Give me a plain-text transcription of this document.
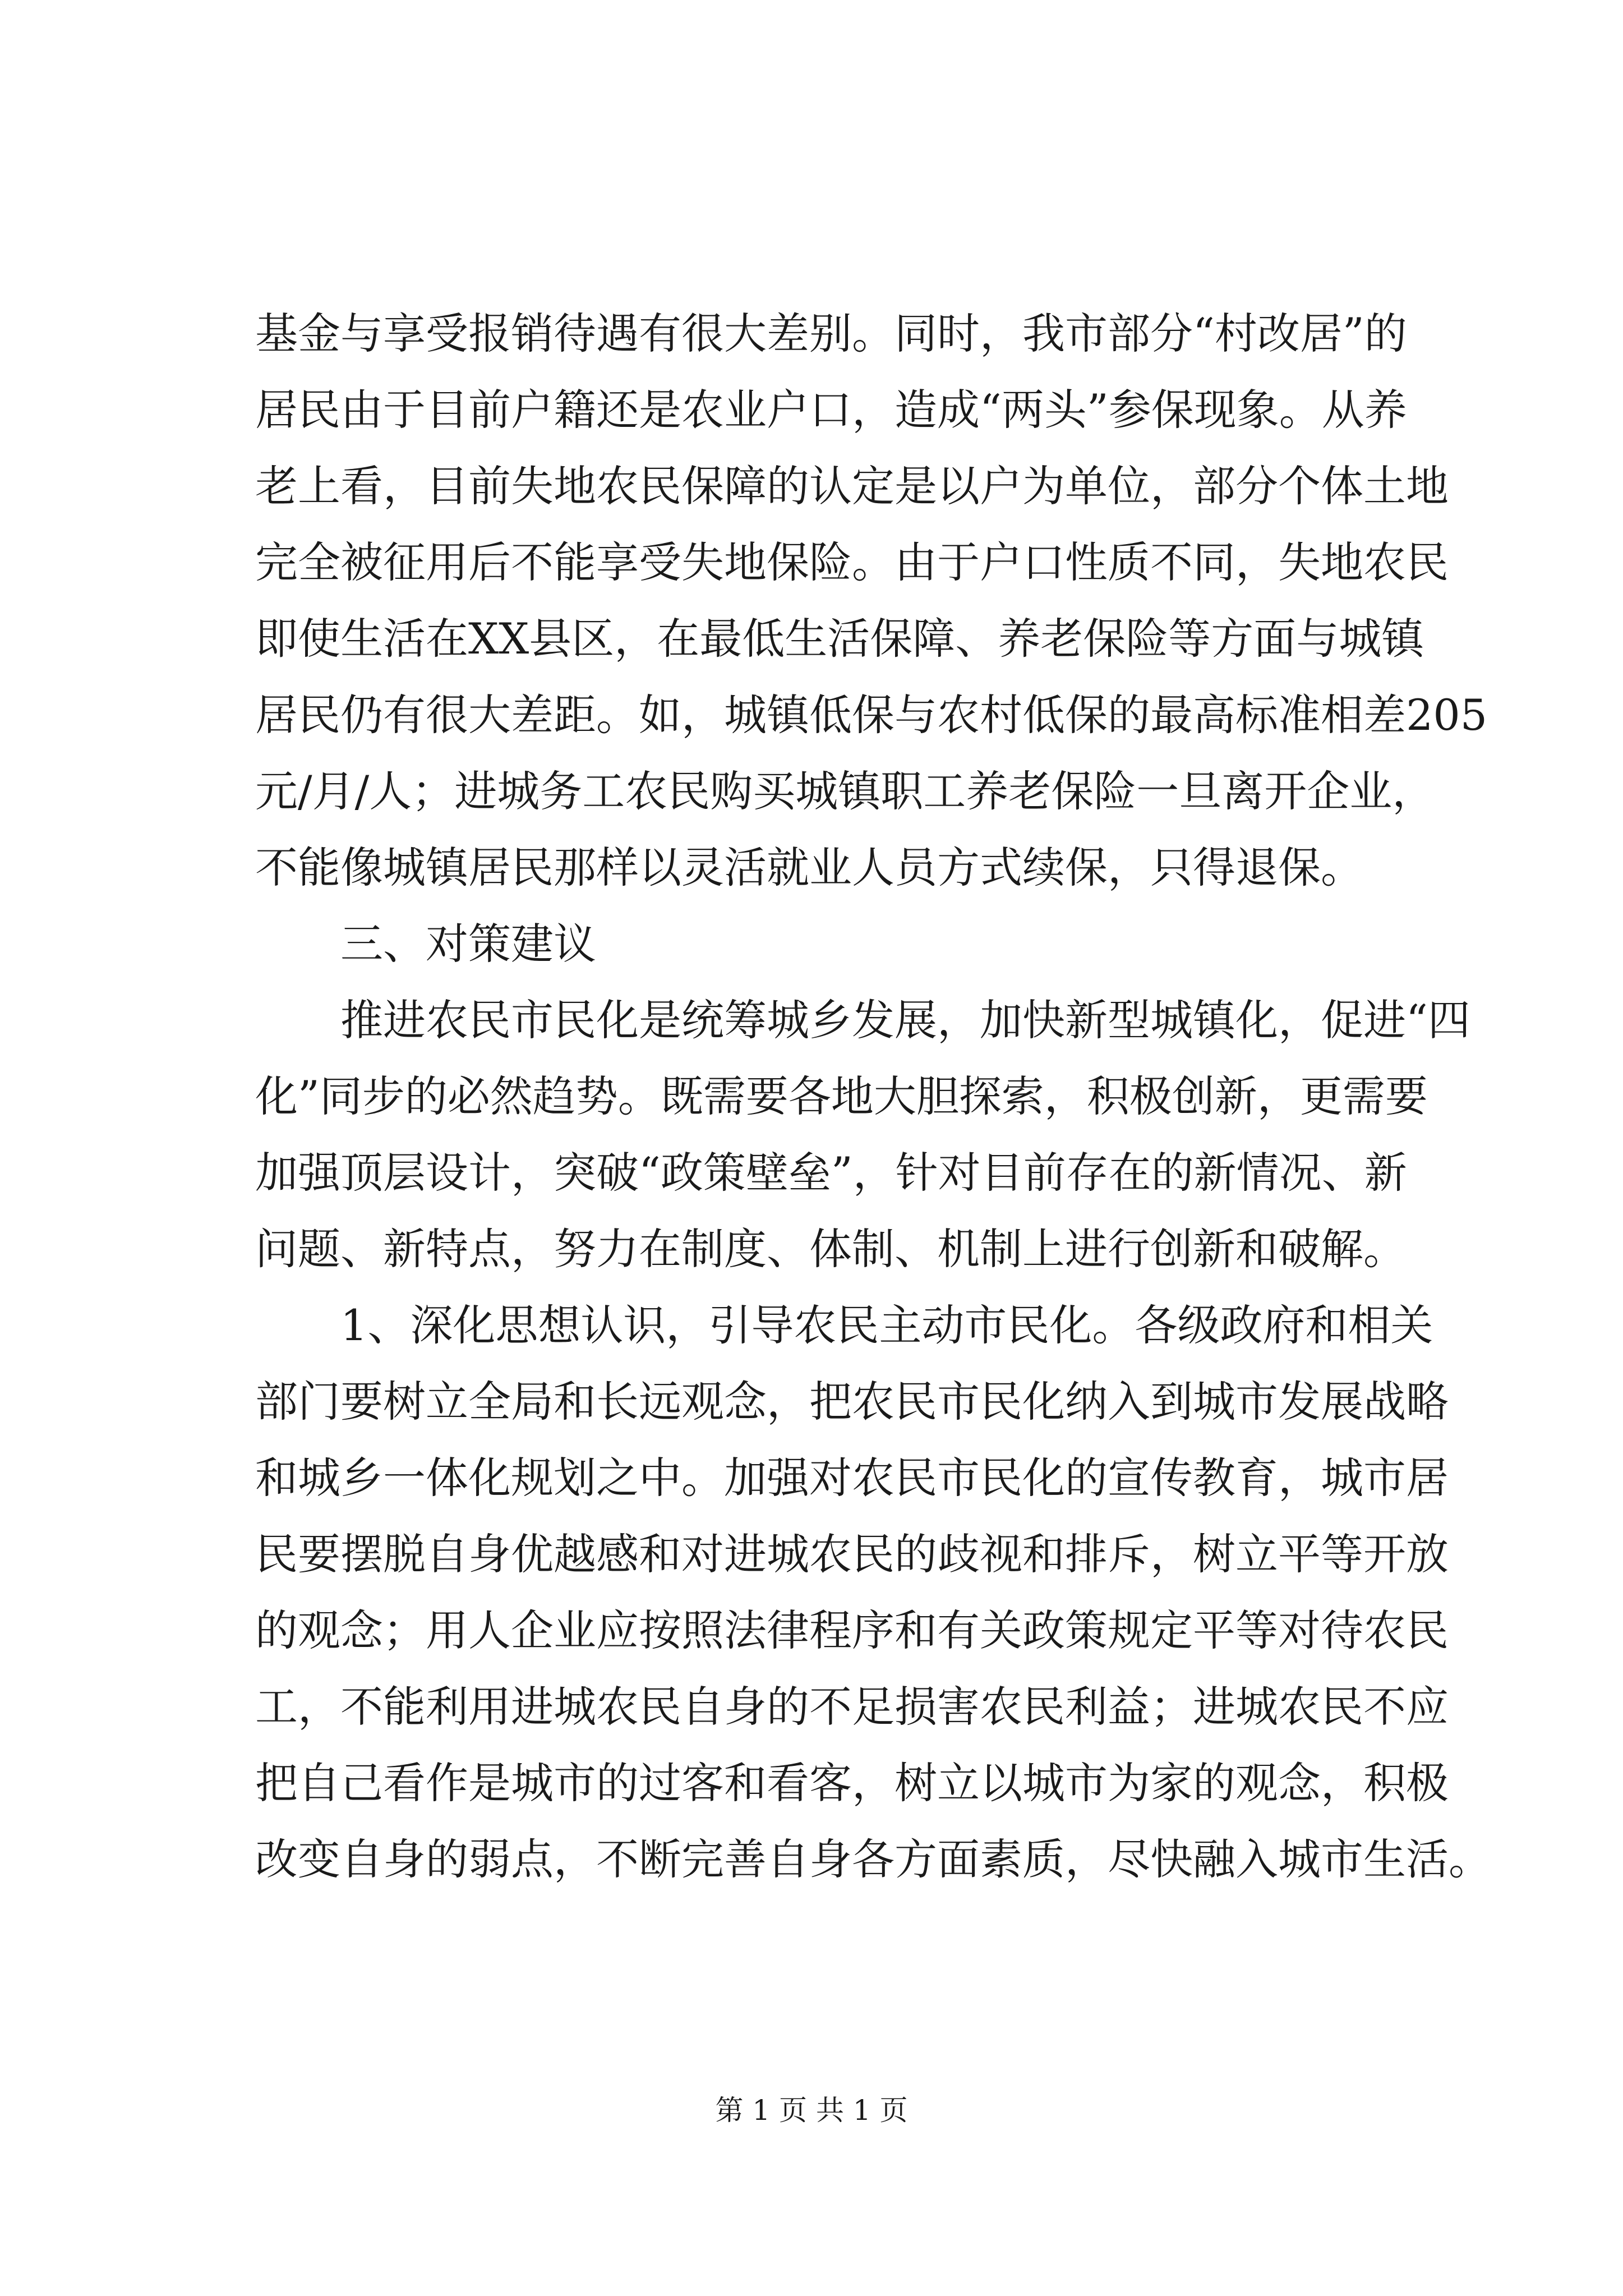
基金与享受报销待遇有很大差别。同时，我市部分“村改居”的
居民由于目前户籍还是农业户口，造成“两头”参保现象。从养
老上看，目前失地农民保障的认定是以户为单位，部分个体土地
完全被征用后不能享受失地保险。由于户口性质不同，失地农民
即使生活在XX县区，在最低生活保障、养老保险等方面与城镇
居民仍有很大差距。如，城镇低保与农村低保的最高标准相差205
元/月/人；进城务工农民购买城镇职工养老保险一旦离开企业，
不能像城镇居民那样以灵活就业人员方式续保，只得退保。
　　三、对策建议
　　推进农民市民化是统筹城乡发展，加快新型城镇化，促进“四
化”同步的必然趋势。既需要各地大胆探索，积极创新，更需要
加强顶层设计，突破“政策壁垒”，针对目前存在的新情况、新
问题、新特点，努力在制度、体制、机制上进行创新和破解。
　　1、深化思想认识，引导农民主动市民化。各级政府和相关
部门要树立全局和长远观念，把农民市民化纳入到城市发展战略
和城乡一体化规划之中。加强对农民市民化的宣传教育，城市居
民要摆脱自身优越感和对进城农民的歧视和排斥，树立平等开放
的观念；用人企业应按照法律程序和有关政策规定平等对待农民
工，不能利用进城农民自身的不足损害农民利益；进城农民不应
把自己看作是城市的过客和看客，树立以城市为家的观念，积极
改变自身的弱点，不断完善自身各方面素质，尽快融入城市生活。
第 1 页 共 1 页
